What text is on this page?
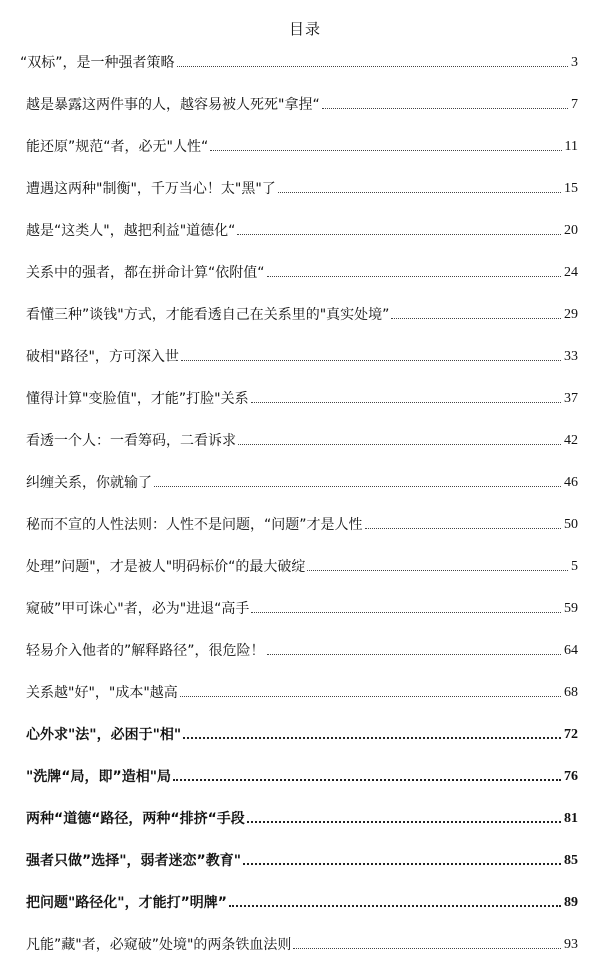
目录
“双标”，是一种强者策略	3
越是暴露这两件事的人，越容易被人死死"拿捏“	7
能还原”规范“者，必无"人性“	11
遭遇这两种"制衡"，千万当心！太"黑"了	15
越是“这类人"，越把利益"道德化“	20
关系中的强者，都在拼命计算“依附值“	24
看懂三种”谈钱"方式，才能看透自己在关系里的"真实处境”	29
破相"路径"，方可深入世	33
懂得计算"变脸值"，才能”打脸"关系	37
看透一个人：一看筹码，二看诉求	42
纠缠关系，你就输了	46
秘而不宣的人性法则：人性不是问题，“问题”才是人性	50
处理”问题"，才是被人"明码标价“的最大破绽	5
窥破”甲可诛心"者，必为"进退“高手	59
轻易介入他者的”解释路径”，很危险！	64
关系越"好"，"成本"越高	68
心外求"法"，必困于"相"	72
"洗牌“局，即”造相"局	76
两种“道德“路径，两种“排挤“手段	81
强者只做”选择"，弱者迷恋”教育"	85
把问题"路径化"，才能打”明牌”	89
凡能”藏"者，必窥破”处境"的两条铁血法则	93
